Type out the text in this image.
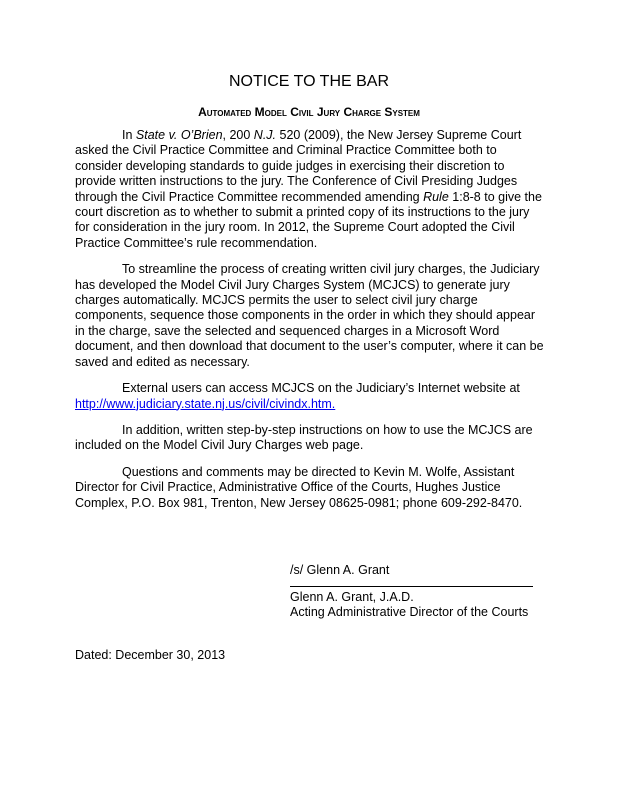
NOTICE TO THE BAR
Automated Model Civil Jury Charge System

In State v. O’Brien, 200 N.J. 520 (2009), the New Jersey Supreme Court asked the Civil Practice Committee and Criminal Practice Committee both to consider developing standards to guide judges in exercising their discretion to provide written instructions to the jury. The Conference of Civil Presiding Judges through the Civil Practice Committee recommended amending Rule 1:8-8 to give the court discretion as to whether to submit a printed copy of its instructions to the jury for consideration in the jury room. In 2012, the Supreme Court adopted the Civil Practice Committee’s rule recommendation.

To streamline the process of creating written civil jury charges, the Judiciary has developed the Model Civil Jury Charges System (MCJCS) to generate jury charges automatically. MCJCS permits the user to select civil jury charge components, sequence those components in the order in which they should appear in the charge, save the selected and sequenced charges in a Microsoft Word document, and then download that document to the user’s computer, where it can be saved and edited as necessary.

External users can access MCJCS on the Judiciary’s Internet website at http://www.judiciary.state.nj.us/civil/civindx.htm.

In addition, written step-by-step instructions on how to use the MCJCS are included on the Model Civil Jury Charges web page.

Questions and comments may be directed to Kevin M. Wolfe, Assistant Director for Civil Practice, Administrative Office of the Courts, Hughes Justice Complex, P.O. Box 981, Trenton, New Jersey 08625-0981; phone 609-292-8470.

/s/ Glenn A. Grant
Glenn A. Grant, J.A.D.
Acting Administrative Director of the Courts
Dated: December 30, 2013
